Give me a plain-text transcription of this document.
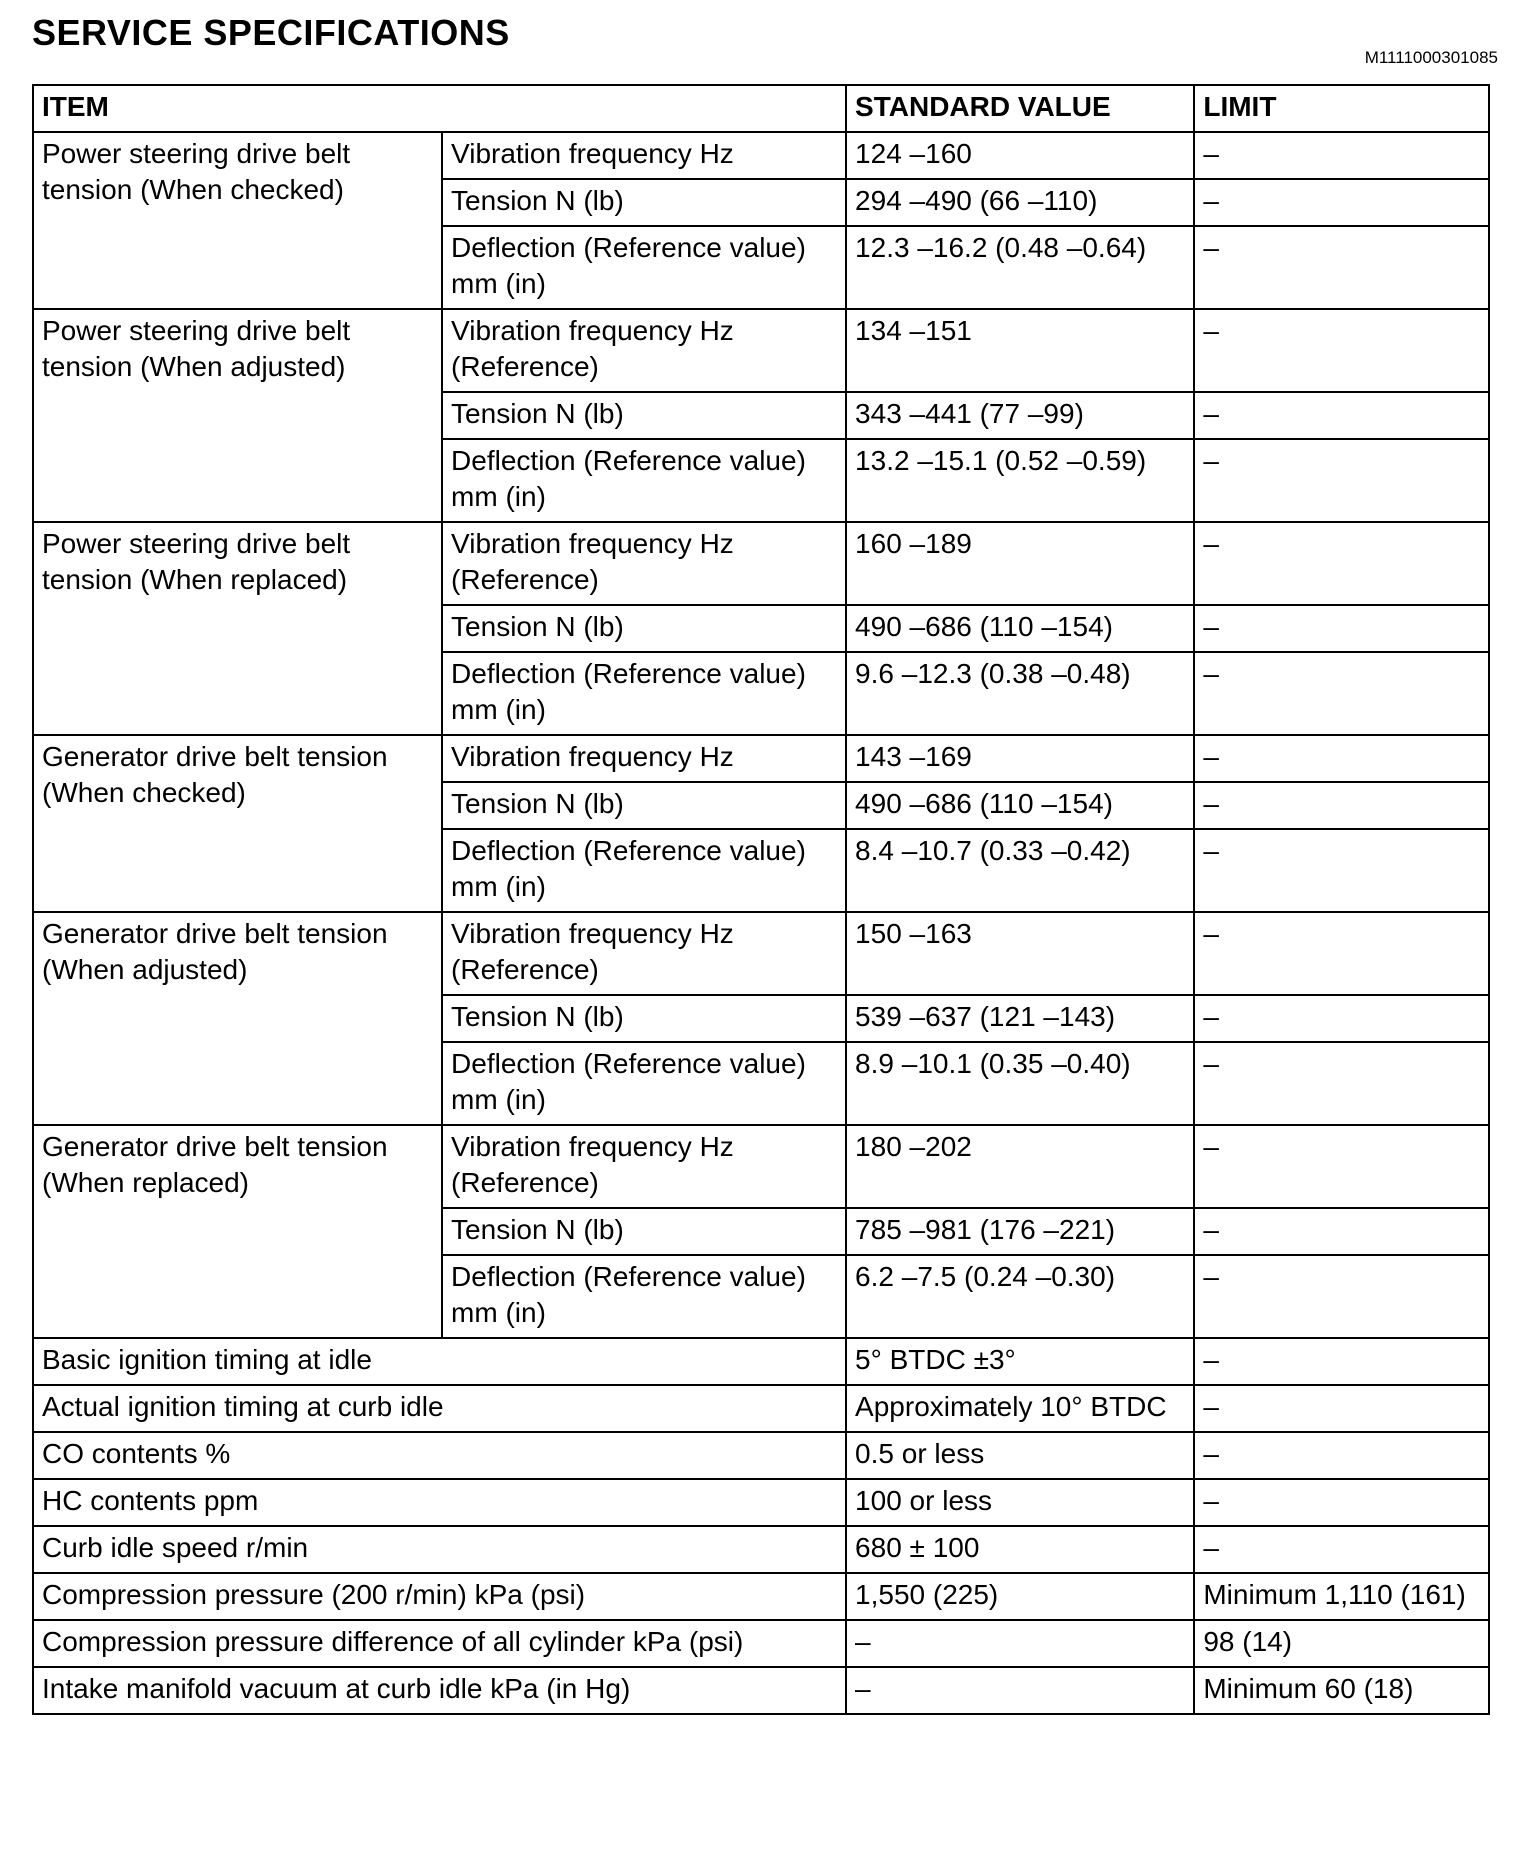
SERVICE SPECIFICATIONS
M1111000301085
ITEM		STANDARD VALUE	LIMIT
Power steering drive belt tension (When checked)	Vibration frequency Hz	124 –160	–
	Tension N (lb)	294 –490 (66 –110)	–
	Deflection (Reference value) mm (in)	12.3 –16.2 (0.48 –0.64)	–
Power steering drive belt tension (When adjusted)	Vibration frequency Hz (Reference)	134 –151	–
	Tension N (lb)	343 –441 (77 –99)	–
	Deflection (Reference value) mm (in)	13.2 –15.1 (0.52 –0.59)	–
Power steering drive belt tension (When replaced)	Vibration frequency Hz (Reference)	160 –189	–
	Tension N (lb)	490 –686 (110 –154)	–
	Deflection (Reference value) mm (in)	9.6 –12.3 (0.38 –0.48)	–
Generator drive belt tension (When checked)	Vibration frequency Hz	143 –169	–
	Tension N (lb)	490 –686 (110 –154)	–
	Deflection (Reference value) mm (in)	8.4 –10.7 (0.33 –0.42)	–
Generator drive belt tension (When adjusted)	Vibration frequency Hz (Reference)	150 –163	–
	Tension N (lb)	539 –637 (121 –143)	–
	Deflection (Reference value) mm (in)	8.9 –10.1 (0.35 –0.40)	–
Generator drive belt tension (When replaced)	Vibration frequency Hz (Reference)	180 –202	–
	Tension N (lb)	785 –981 (176 –221)	–
	Deflection (Reference value) mm (in)	6.2 –7.5 (0.24 –0.30)	–
Basic ignition timing at idle		5° BTDC ±3°	–
Actual ignition timing at curb idle		Approximately 10° BTDC	–
CO contents %		0.5 or less	–
HC contents ppm		100 or less	–
Curb idle speed r/min		680 ± 100	–
Compression pressure (200 r/min) kPa (psi)		1,550 (225)	Minimum 1,110 (161)
Compression pressure difference of all cylinder kPa (psi)		–	98 (14)
Intake manifold vacuum at curb idle kPa (in Hg)		–	Minimum 60 (18)
